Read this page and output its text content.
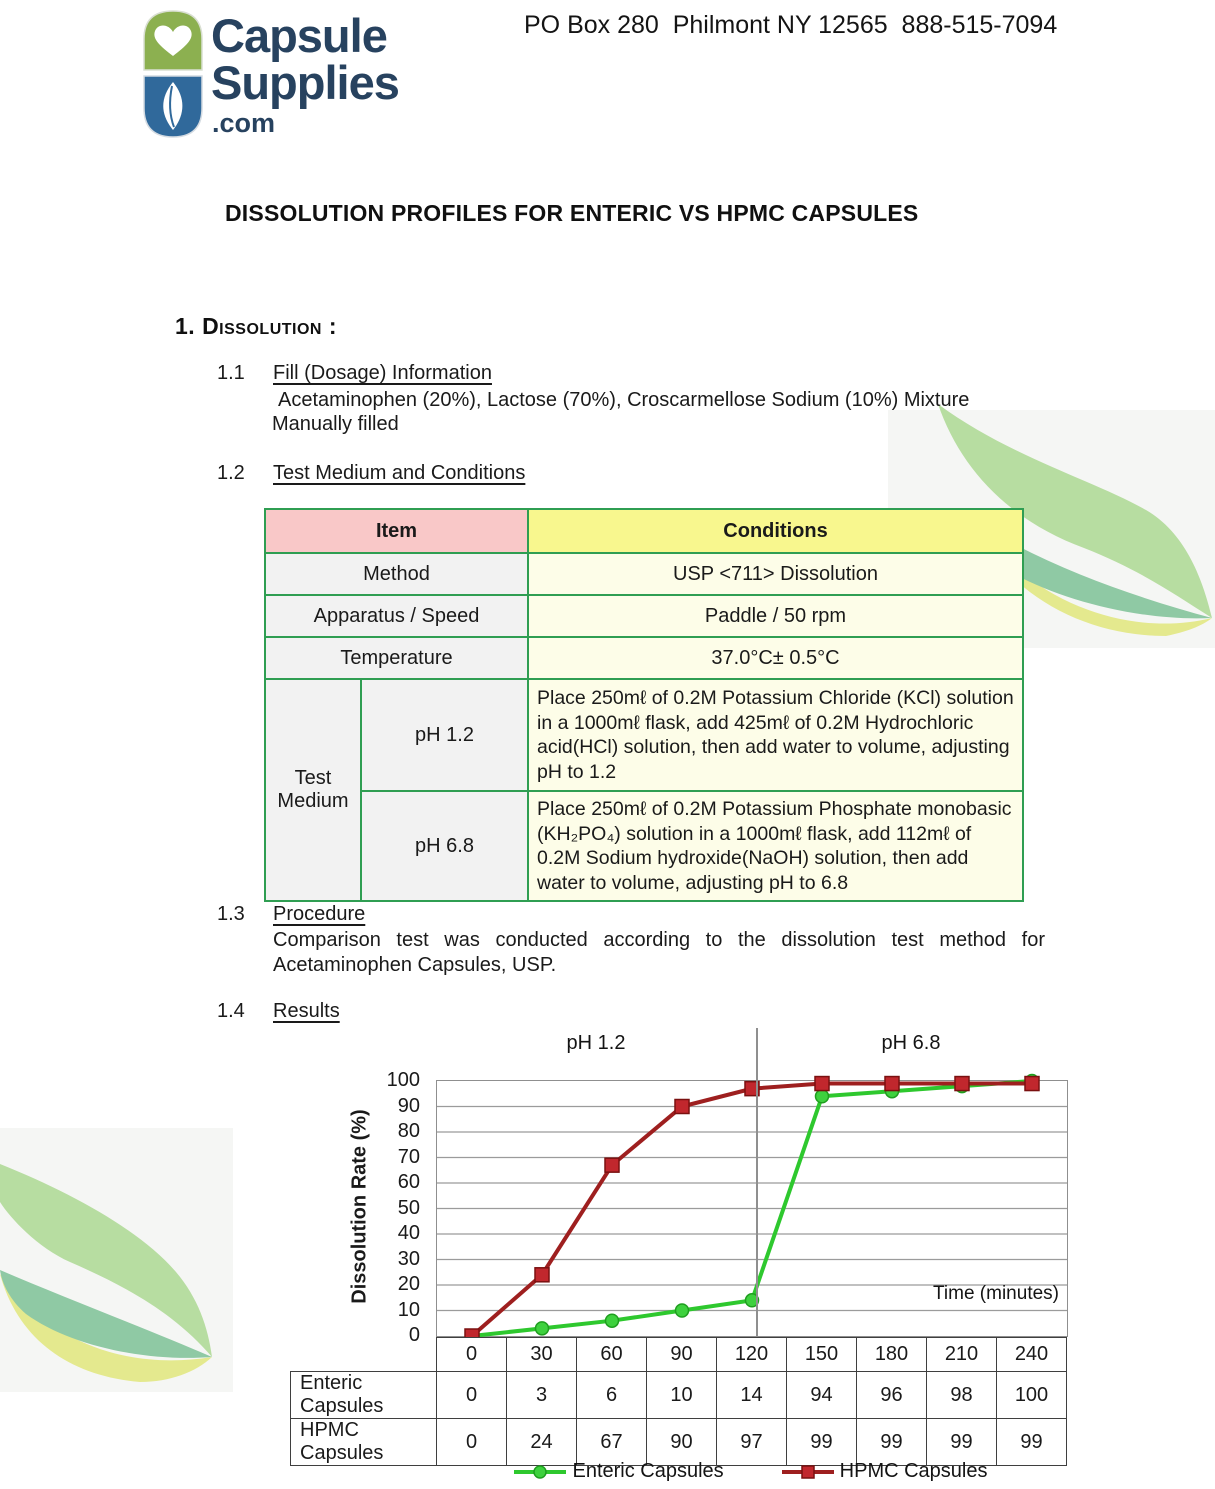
Capsule
Supplies
.com
PO Box 280  Philmont NY 12565  888-515-7094
DISSOLUTION PROFILES FOR ENTERIC VS HPMC CAPSULES
1. Dissolution :
1.1 Fill (Dosage) Information
Acetaminophen (20%), Lactose (70%), Croscarmellose Sodium (10%) Mixture
Manually filled
1.2 Test Medium and Conditions
Item		Conditions
Method		USP <711> Dissolution
Apparatus / Speed		Paddle / 50 rpm
Temperature		37.0°C± 0.5°C
Test Medium	pH 1.2	Place 250mℓ of 0.2M Potassium Chloride (KCl) solution in a 1000mℓ flask, add 425mℓ of 0.2M Hydrochloric acid(HCl) solution, then add water to volume, adjusting pH to 1.2
	pH 6.8	Place 250mℓ of 0.2M Potassium Phosphate monobasic (KH₂PO₄) solution in a 1000mℓ flask, add 112mℓ of 0.2M Sodium hydroxide(NaOH) solution, then add water to volume, adjusting pH to 6.8
1.3 Procedure
Comparison test was conducted according to the dissolution test method for Acetaminophen Capsules, USP.
1.4 Results
pH 1.2	pH 6.8
Dissolution Rate (%)
0
10
20
30
40
50
60
70
80
90
100
Time (minutes)
	0	30	60	90	120	150	180	210	240
Enteric Capsules	0	3	6	10	14	94	96	98	100
HPMC Capsules	0	24	67	90	97	99	99	99	99
Enteric Capsules	HPMC Capsules
